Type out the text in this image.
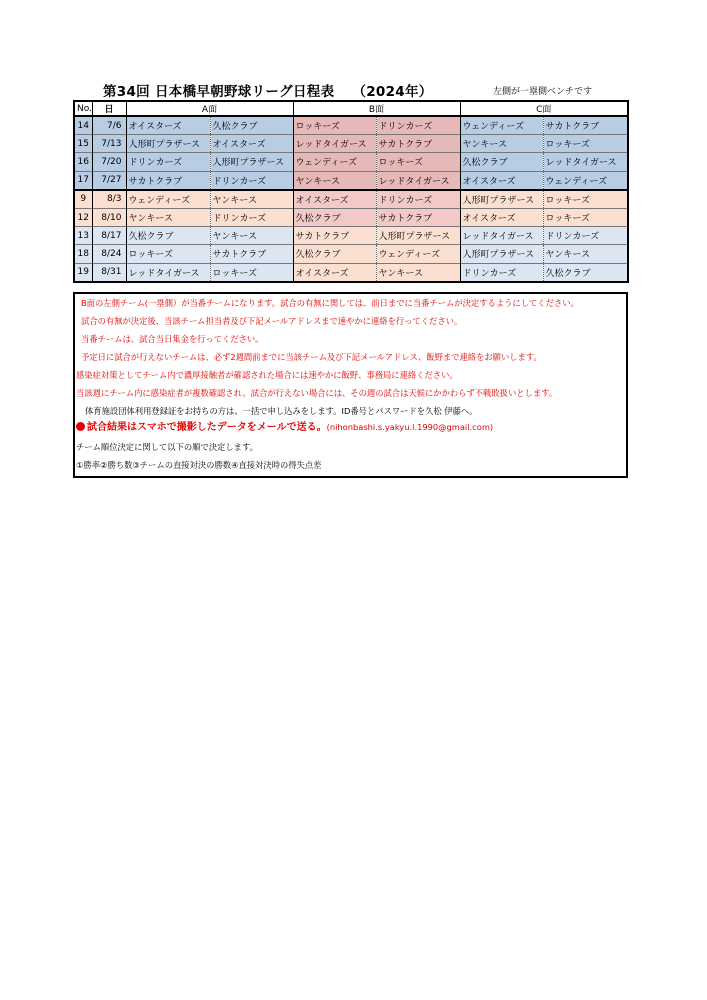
第34回 日本橋早朝野球リーグ日程表 （2024年）	左側が一塁側ベンチです
No.	日	A面		B面		C面	
14	7/6	オイスターズ	久松クラブ	ロッキーズ	ドリンカーズ	ウェンディーズ	サカトクラブ
15	7/13	人形町プラザース	オイスターズ	レッドタイガース	サカトクラブ	ヤンキース	ロッキーズ
16	7/20	ドリンカーズ	人形町プラザース	ウェンディーズ	ロッキーズ	久松クラブ	レッドタイガース
17	7/27	サカトクラブ	ドリンカーズ	ヤンキース	レッドタイガース	オイスターズ	ウェンディーズ
9	8/3	ウェンディーズ	ヤンキース	オイスターズ	ドリンカーズ	人形町プラザース	ロッキーズ
12	8/10	ヤンキース	ドリンカーズ	久松クラブ	サカトクラブ	オイスターズ	ロッキーズ
13	8/17	久松クラブ	ヤンキース	サカトクラブ	人形町プラザース	レッドタイガース	ドリンカーズ
18	8/24	ロッキーズ	サカトクラブ	久松クラブ	ウェンディーズ	人形町プラザース	ヤンキース
19	8/31	レッドタイガース	ロッキーズ	オイスターズ	ヤンキース	ドリンカーズ	久松クラブ
B面の左側チーム(一塁側）が当番チームになります。試合の有無に関しては、前日までに当番チームが決定するようにしてください。
試合の有無が決定後、当該チーム担当者及び下記メールアドレスまで速やかに連絡を行ってください。
当番チームは、試合当日集金を行ってください。
予定日に試合が行えないチームは、必ず2週間前までに当該チーム及び下記メールアドレス、飯野まで連絡をお願いします。
感染症対策としてチーム内で濃厚接触者が確認された場合には速やかに飯野、事務局に連絡ください。
当該週にチーム内に感染症者が複数確認され、試合が行えない場合には、その週の試合は天候にかかわらず不戦敗扱いとします。
体育施設団体利用登録証をお持ちの方は、一括で申し込みをします。ID番号とパスワードを久松 伊藤へ。
試合結果はスマホで撮影したデータをメールで送る。(nihonbashi.s.yakyu.l.1990@gmail.com)
チーム順位決定に関して以下の順で決定します。
①勝率②勝ち数③チームの直接対決の勝数④直接対決時の得失点差
